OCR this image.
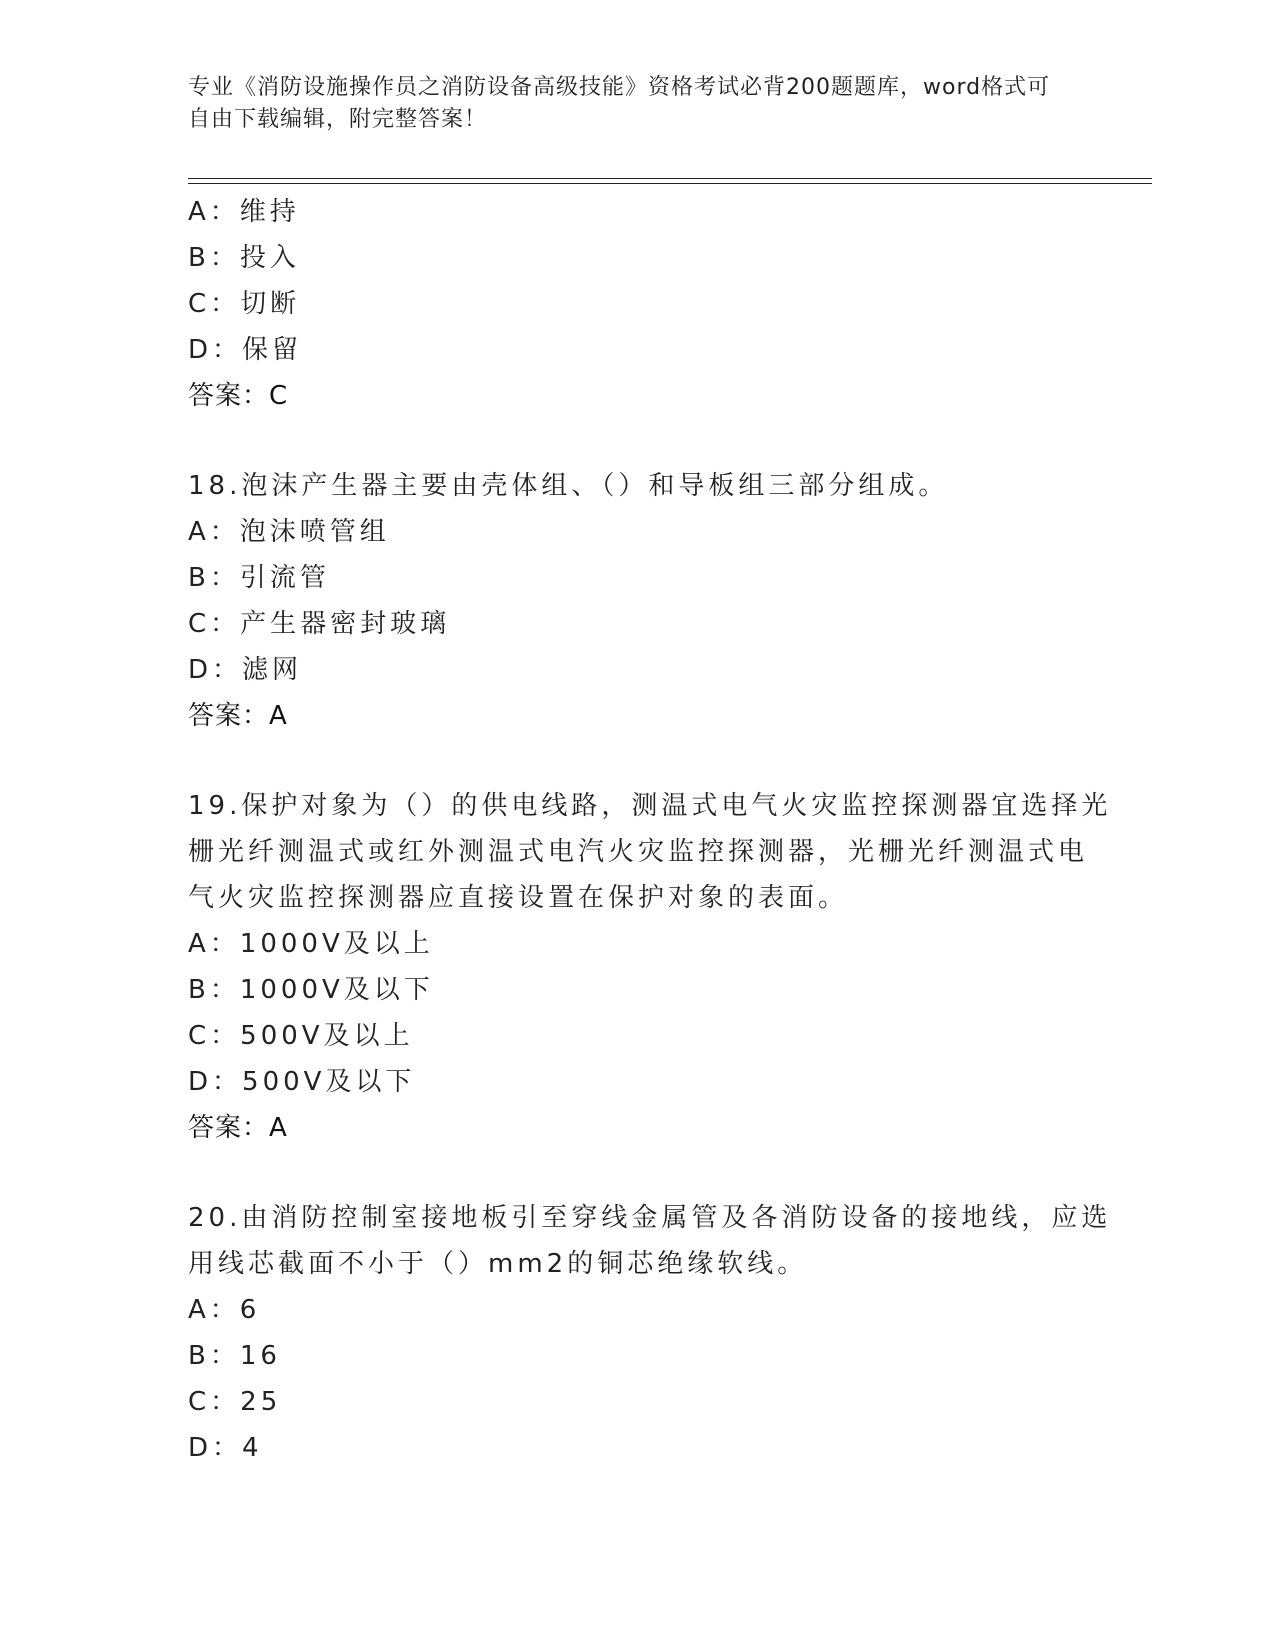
专业《消防设施操作员之消防设备高级技能》资格考试必背200题题库，word格式可自由下载编辑，附完整答案！
A：维持
B：投入
C：切断
D：保留
答案：C
18.泡沫产生器主要由壳体组、（）和导板组三部分组成。
A：泡沫喷管组
B：引流管
C：产生器密封玻璃
D：滤网
答案：A
19.保护对象为（）的供电线路，测温式电气火灾监控探测器宜选择光
栅光纤测温式或红外测温式电汽火灾监控探测器，光栅光纤测温式电
气火灾监控探测器应直接设置在保护对象的表面。
A：1000V及以上
B：1000V及以下
C：500V及以上
D：500V及以下
答案：A
20.由消防控制室接地板引至穿线金属管及各消防设备的接地线，应选
用线芯截面不小于（）mm2的铜芯绝缘软线。
A：6
B：16
C：25
D：4
